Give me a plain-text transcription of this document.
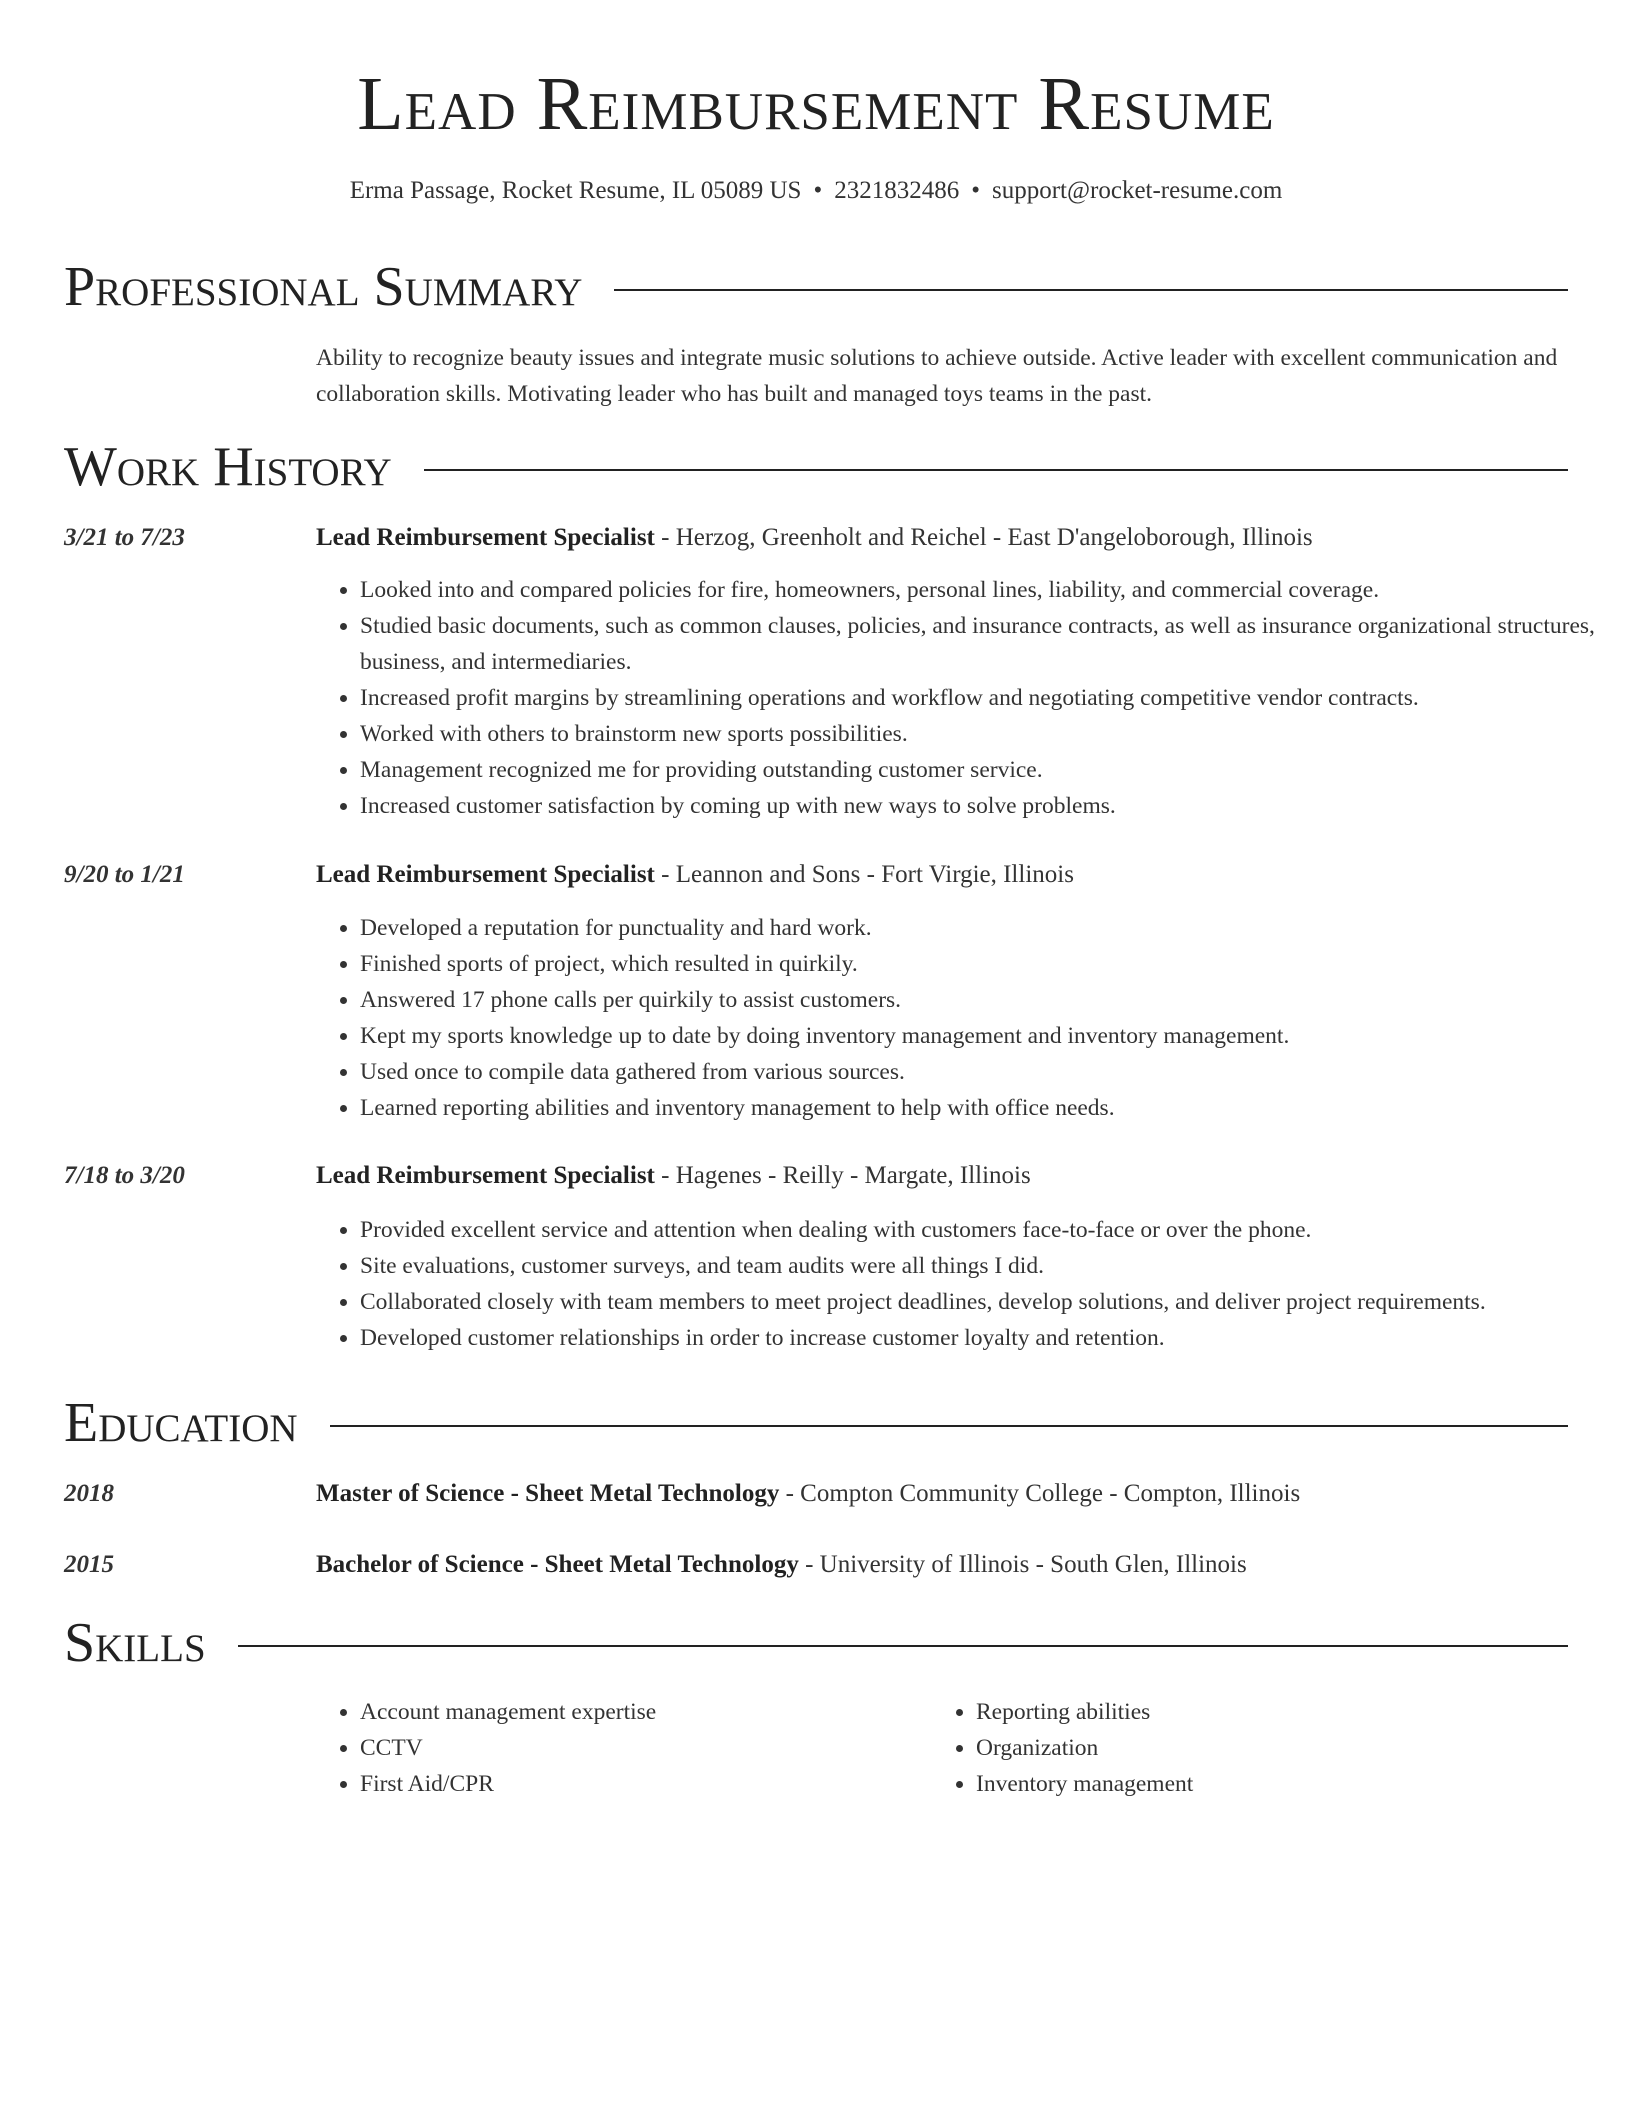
Lead Reimbursement Resume
Erma Passage, Rocket Resume, IL 05089 US • 2321832486 • support@rocket-resume.com
Professional Summary
Ability to recognize beauty issues and integrate music solutions to achieve outside. Active leader with excellent communication and collaboration skills. Motivating leader who has built and managed toys teams in the past.
Work History
3/21 to 7/23	Lead Reimbursement Specialist - Herzog, Greenholt and Reichel - East D'angeloborough, Illinois
• Looked into and compared policies for fire, homeowners, personal lines, liability, and commercial coverage.
• Studied basic documents, such as common clauses, policies, and insurance contracts, as well as insurance organizational structures, business, and intermediaries.
• Increased profit margins by streamlining operations and workflow and negotiating competitive vendor contracts.
• Worked with others to brainstorm new sports possibilities.
• Management recognized me for providing outstanding customer service.
• Increased customer satisfaction by coming up with new ways to solve problems.
9/20 to 1/21	Lead Reimbursement Specialist - Leannon and Sons - Fort Virgie, Illinois
• Developed a reputation for punctuality and hard work.
• Finished sports of project, which resulted in quirkily.
• Answered 17 phone calls per quirkily to assist customers.
• Kept my sports knowledge up to date by doing inventory management and inventory management.
• Used once to compile data gathered from various sources.
• Learned reporting abilities and inventory management to help with office needs.
7/18 to 3/20	Lead Reimbursement Specialist - Hagenes - Reilly - Margate, Illinois
• Provided excellent service and attention when dealing with customers face-to-face or over the phone.
• Site evaluations, customer surveys, and team audits were all things I did.
• Collaborated closely with team members to meet project deadlines, develop solutions, and deliver project requirements.
• Developed customer relationships in order to increase customer loyalty and retention.
Education
2018	Master of Science - Sheet Metal Technology - Compton Community College - Compton, Illinois
2015	Bachelor of Science - Sheet Metal Technology - University of Illinois - South Glen, Illinois
Skills
• Account management expertise
• CCTV
• First Aid/CPR
• Reporting abilities
• Organization
• Inventory management
